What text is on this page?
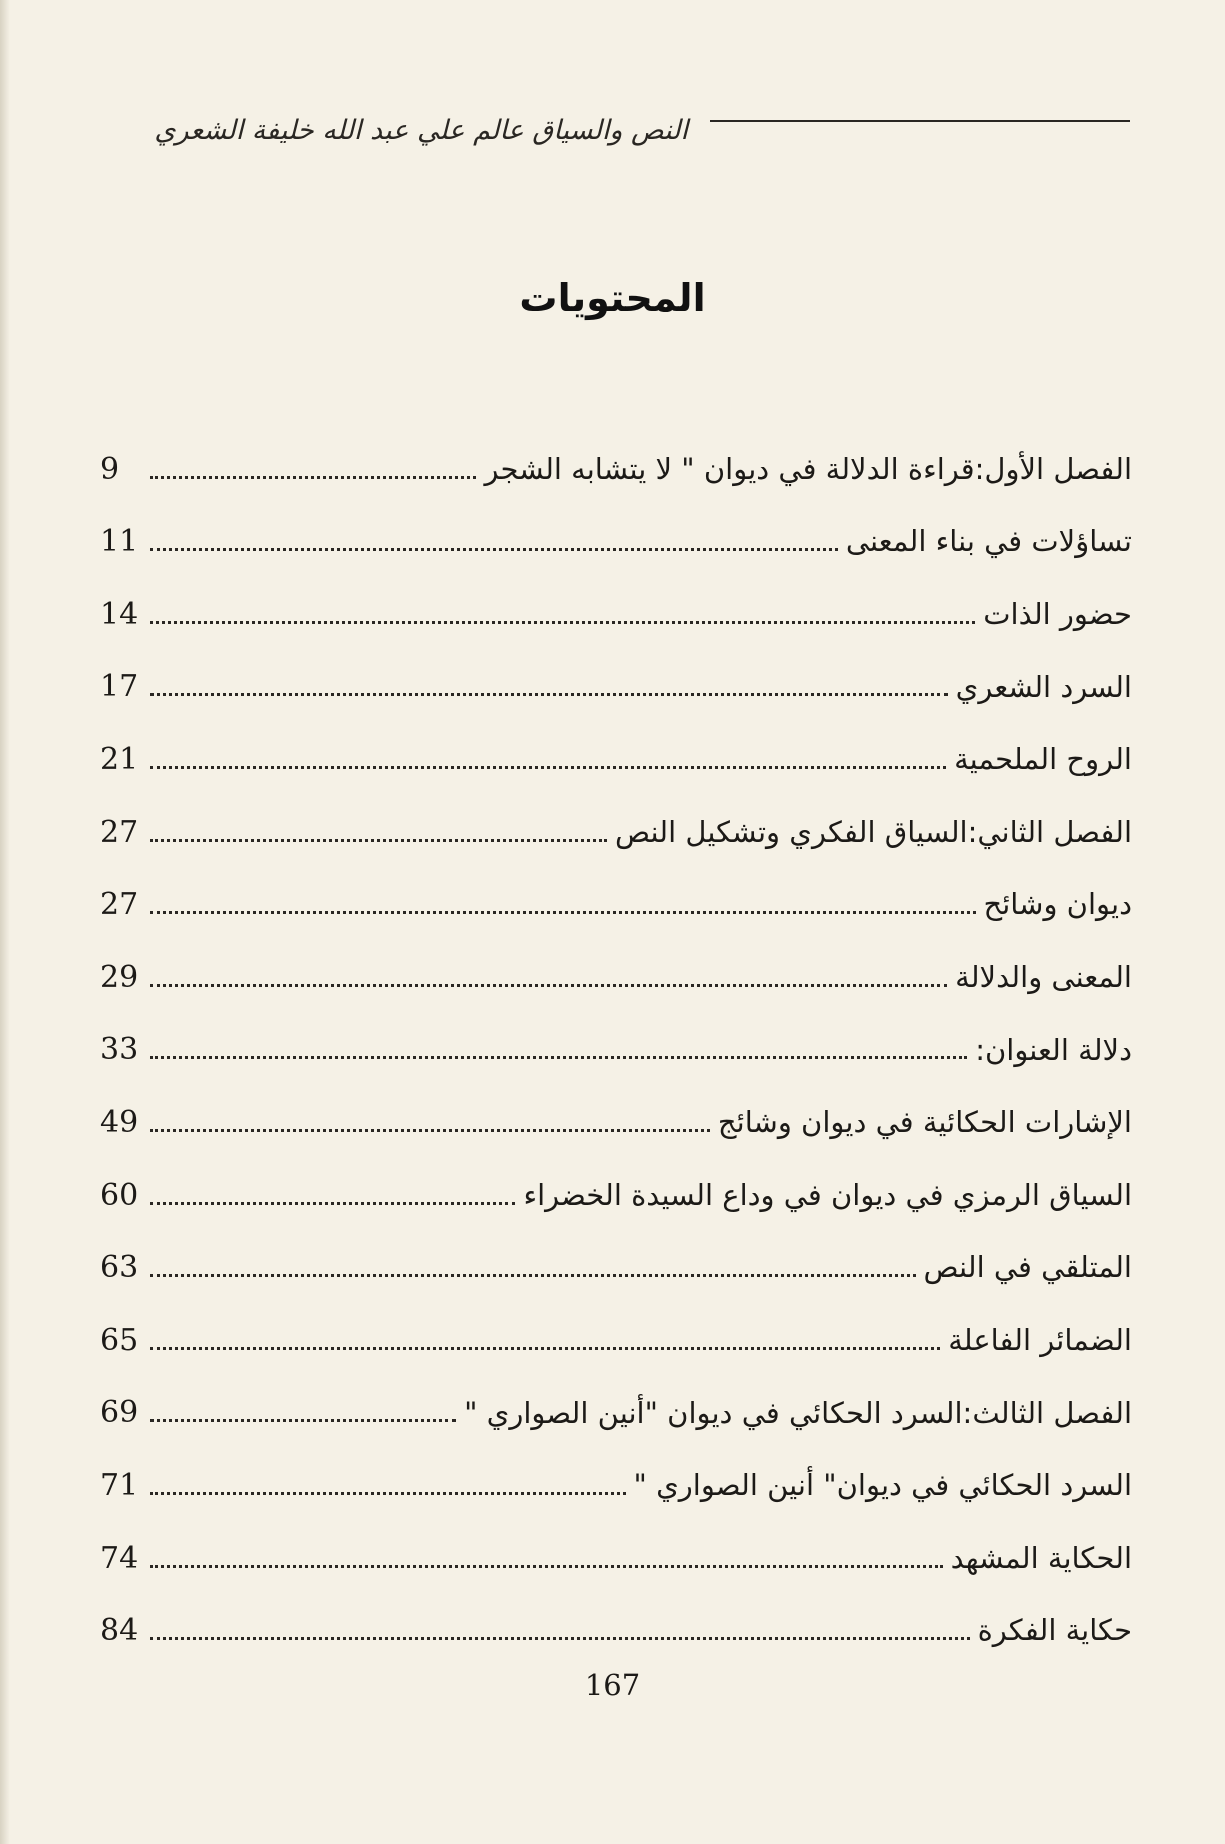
النص والسياق عالم علي عبد الله خليفة الشعري
المحتويات
الفصل الأول:قراءة الدلالة في ديوان " لا يتشابه الشجر
9
تساؤلات في بناء المعنى
11
حضور الذات
14
السرد الشعري
17
الروح الملحمية
21
الفصل الثاني:السياق الفكري وتشكيل النص
27
ديوان وشائح
27
المعنى والدلالة
29
دلالة العنوان:
33
الإشارات الحكائية في ديوان وشائج
49
السياق الرمزي في ديوان في وداع السيدة الخضراء
60
المتلقي في النص
63
الضمائر الفاعلة
65
الفصل الثالث:السرد الحكائي في ديوان "أنين الصواري "
69
السرد الحكائي في ديوان" أنين الصواري "
71
الحكاية المشهد
74
حكاية الفكرة
84
167
